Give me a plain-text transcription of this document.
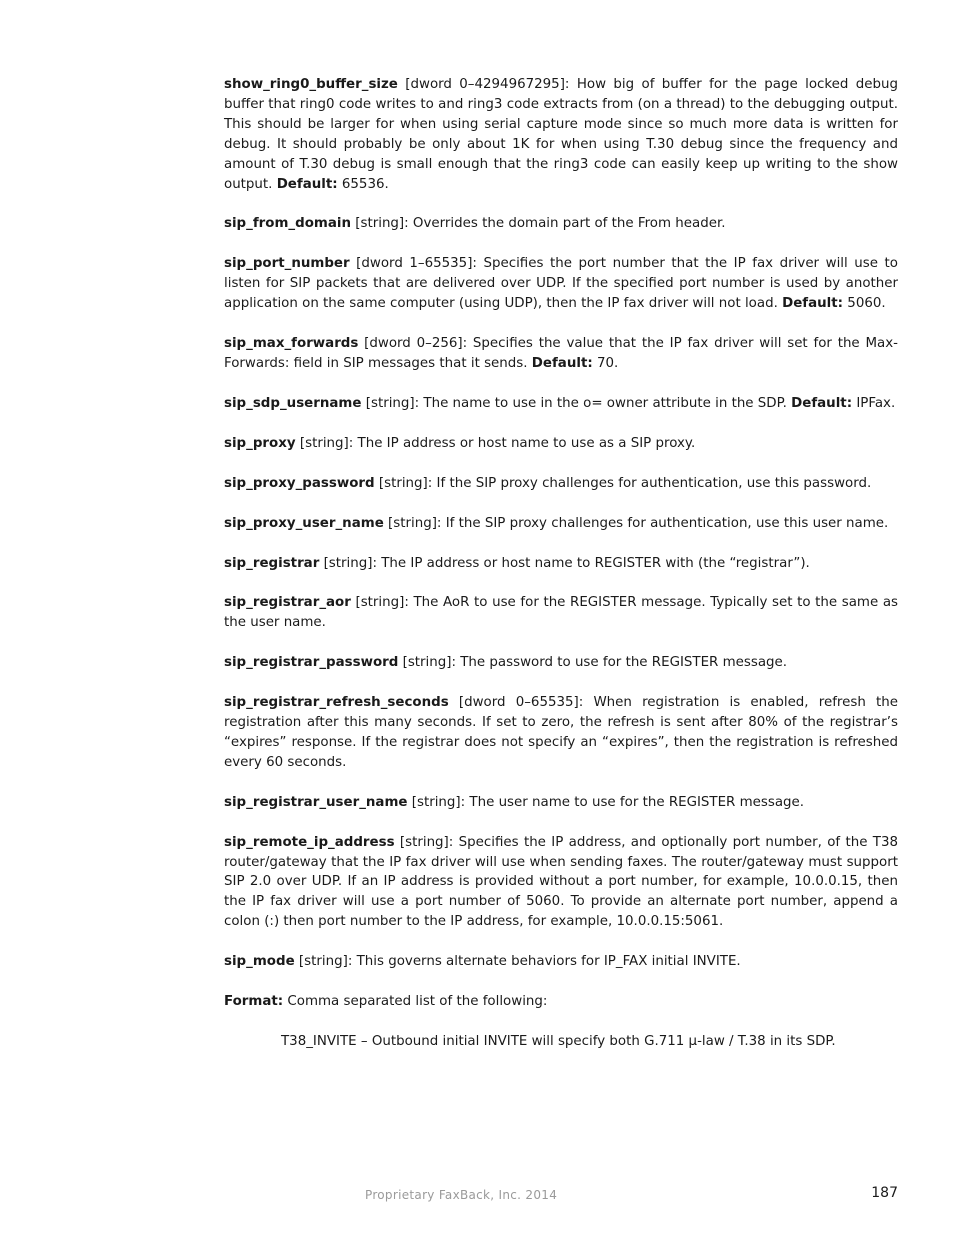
show_ring0_buffer_size [dword 0–4294967295]: How big of buffer for the page locked debug buffer that ring0 code writes to and ring3 code extracts from (on a thread) to the debugging output. This should be larger for when using serial capture mode since so much more data is written for debug. It should probably be only about 1K for when using T.30 debug since the frequency and amount of T.30 debug is small enough that the ring3 code can easily keep up writing to the show output. Default: 65536.

sip_from_domain [string]: Overrides the domain part of the From header.

sip_port_number [dword 1–65535]: Specifies the port number that the IP fax driver will use to listen for SIP packets that are delivered over UDP. If the specified port number is used by another application on the same computer (using UDP), then the IP fax driver will not load. Default: 5060.

sip_max_forwards [dword 0–256]: Specifies the value that the IP fax driver will set for the Max-Forwards: field in SIP messages that it sends. Default: 70.

sip_sdp_username [string]: The name to use in the o= owner attribute in the SDP. Default: IPFax.

sip_proxy [string]: The IP address or host name to use as a SIP proxy.

sip_proxy_password [string]: If the SIP proxy challenges for authentication, use this password.

sip_proxy_user_name [string]: If the SIP proxy challenges for authentication, use this user name.

sip_registrar [string]: The IP address or host name to REGISTER with (the “registrar”).

sip_registrar_aor [string]: The AoR to use for the REGISTER message. Typically set to the same as the user name.

sip_registrar_password [string]: The password to use for the REGISTER message.

sip_registrar_refresh_seconds [dword 0–65535]: When registration is enabled, refresh the registration after this many seconds. If set to zero, the refresh is sent after 80% of the registrar’s “expires” response. If the registrar does not specify an “expires”, then the registration is refreshed every 60 seconds.

sip_registrar_user_name [string]: The user name to use for the REGISTER message.

sip_remote_ip_address [string]: Specifies the IP address, and optionally port number, of the T38 router/gateway that the IP fax driver will use when sending faxes. The router/gateway must support SIP 2.0 over UDP. If an IP address is provided without a port number, for example, 10.0.0.15, then the IP fax driver will use a port number of 5060. To provide an alternate port number, append a colon (:) then port number to the IP address, for example, 10.0.0.15:5061.

sip_mode [string]: This governs alternate behaviors for IP_FAX initial INVITE.

Format: Comma separated list of the following:

T38_INVITE – Outbound initial INVITE will specify both G.711 µ-law / T.38 in its SDP.

Proprietary FaxBack, Inc. 2014	187
